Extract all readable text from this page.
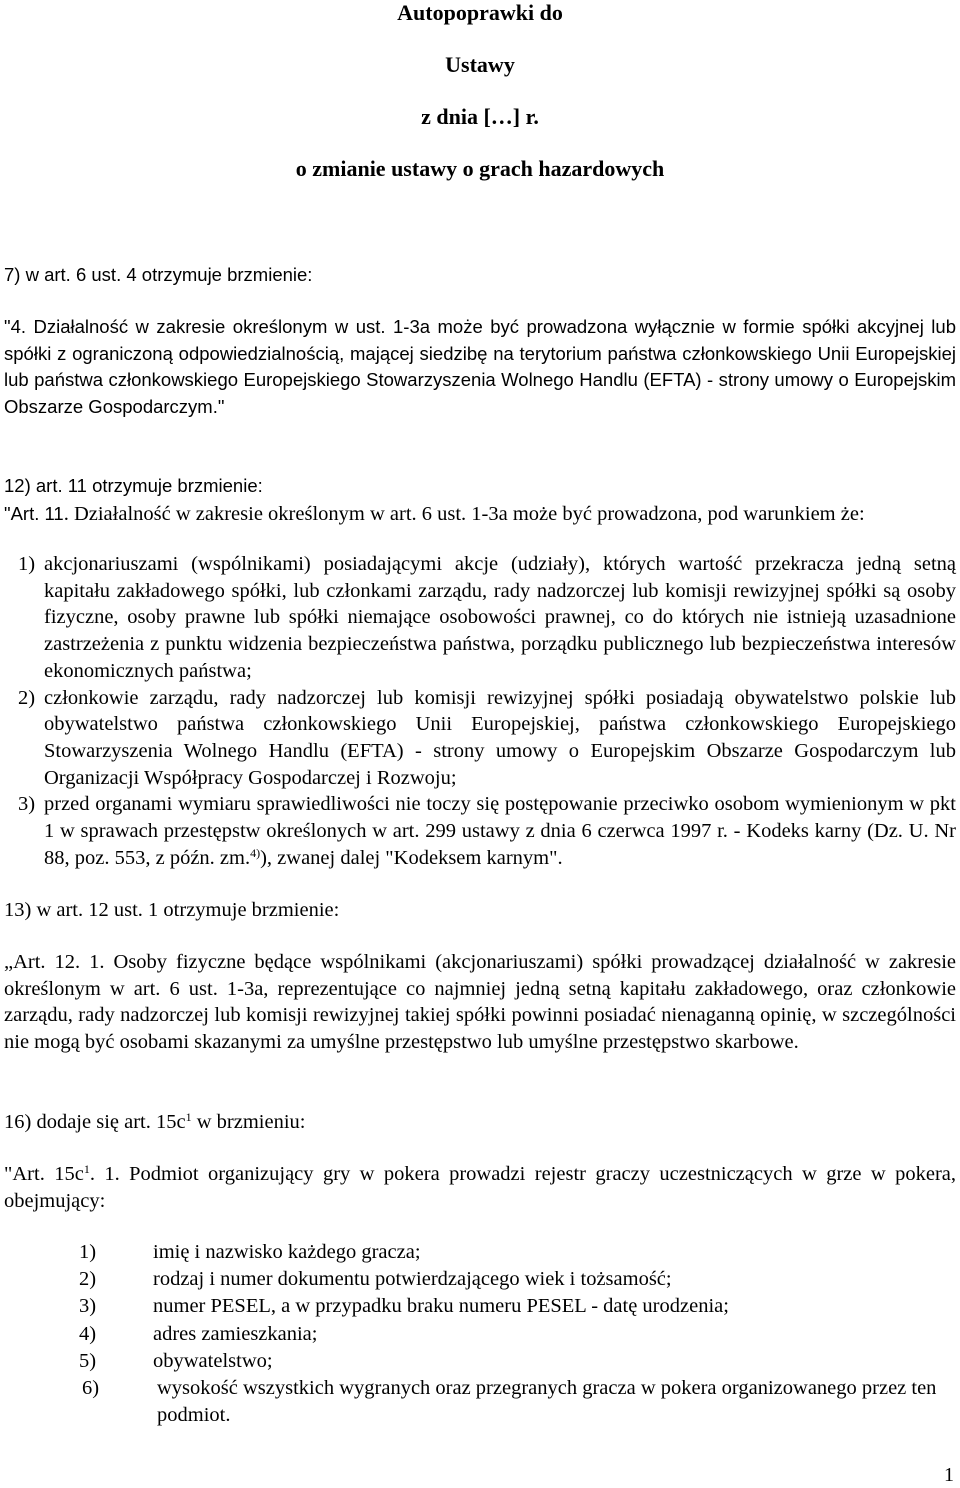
Autopoprawki do
Ustawy
z dnia […] r.
o zmianie ustawy o grach hazardowych
7) w art. 6 ust. 4 otrzymuje brzmienie:
"4. Działalność w zakresie określonym w ust. 1-3a może być prowadzona wyłącznie w formie spółki akcyjnej lub spółki z ograniczoną odpowiedzialnością, mającej siedzibę na terytorium państwa członkowskiego Unii Europejskiej lub państwa członkowskiego Europejskiego Stowarzyszenia Wolnego Handlu (EFTA) - strony umowy o Europejskim Obszarze Gospodarczym."
12) art. 11 otrzymuje brzmienie:
"Art. 11. Działalność w zakresie określonym w art. 6 ust. 1-3a może być prowadzona, pod warunkiem że:
1) akcjonariuszami (wspólnikami) posiadającymi akcje (udziały), których wartość przekracza jedną setną kapitału zakładowego spółki, lub członkami zarządu, rady nadzorczej lub komisji rewizyjnej spółki są osoby fizyczne, osoby prawne lub spółki niemające osobowości prawnej, co do których nie istnieją uzasadnione zastrzeżenia z punktu widzenia bezpieczeństwa państwa, porządku publicznego lub bezpieczeństwa interesów ekonomicznych państwa;
2) członkowie zarządu, rady nadzorczej lub komisji rewizyjnej spółki posiadają obywatelstwo polskie lub obywatelstwo państwa członkowskiego Unii Europejskiej, państwa członkowskiego Europejskiego Stowarzyszenia Wolnego Handlu (EFTA) - strony umowy o Europejskim Obszarze Gospodarczym lub Organizacji Współpracy Gospodarczej i Rozwoju;
3) przed organami wymiaru sprawiedliwości nie toczy się postępowanie przeciwko osobom wymienionym w pkt 1 w sprawach przestępstw określonych w art. 299 ustawy z dnia 6 czerwca 1997 r. - Kodeks karny (Dz. U. Nr 88, poz. 553, z późn. zm.$^{4)}$), zwanej dalej "Kodeksem karnym".
13) w art. 12 ust. 1 otrzymuje brzmienie:
„Art. 12. 1. Osoby fizyczne będące wspólnikami (akcjonariuszami) spółki prowadzącej działalność w zakresie określonym w art. 6 ust. 1-3a, reprezentujące co najmniej jedną setną kapitału zakładowego, oraz członkowie zarządu, rady nadzorczej lub komisji rewizyjnej takiej spółki powinni posiadać nienaganną opinię, w szczególności nie mogą być osobami skazanymi za umyślne przestępstwo lub umyślne przestępstwo skarbowe.
16) dodaje się art. $15c^1$ w brzmieniu:
"Art. $15c^1$. 1. Podmiot organizujący gry w pokera prowadzi rejestr graczy uczestniczących w grze w pokera, obejmujący:
1)	imię i nazwisko każdego gracza;
2)	rodzaj i numer dokumentu potwierdzającego wiek i tożsamość;
3)	numer PESEL, a w przypadku braku numeru PESEL - datę urodzenia;
4)	adres zamieszkania;
5)	obywatelstwo;
6)	wysokość wszystkich wygranych oraz przegranych gracza w pokera organizowanego przez ten podmiot.
1
